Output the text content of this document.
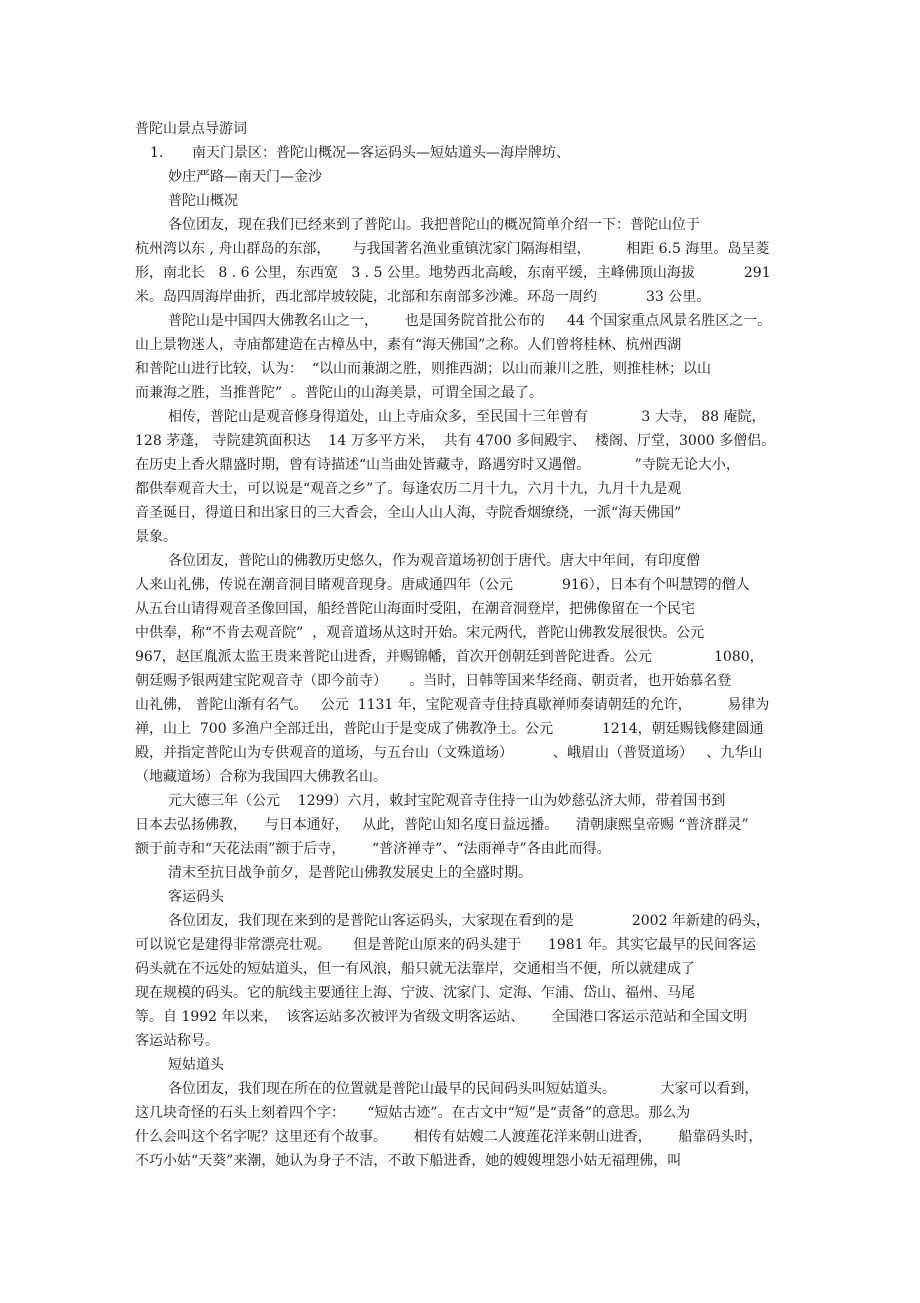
普陀山景点导游词
1. 南天门景区：普陀山概况—客运码头—短姑道头—海岸牌坊、
妙庄严路—南天门—金沙
普陀山概况
各位团友，现在我们已经来到了普陀山。我把普陀山的概况简单介绍一下：普陀山位于
杭州湾以东 , 舟山群岛的东部，     与我国著名渔业重镇沈家门隔海相望，        相距 6.5 海里。岛呈菱
形，南北长   8 . 6 公里，东西宽   3 . 5 公里。地势西北高峻，东南平缓，主峰佛顶山海拔           291
米。岛四周海岸曲折，西北部岸坡较陡，北部和东南部多沙滩。环岛一周约           33 公里。
普陀山是中国四大佛教名山之一，      也是国务院首批公布的     44 个国家重点风景名胜区之一。
山上景物迷人，寺庙都建造在古樟丛中，素有“海天佛国”之称。人们曾将桂林、杭州西湖
和普陀山进行比较，认为：  “以山而兼湖之胜，则推西湖；以山而兼川之胜，则推桂林；以山
而兼海之胜，当推普陀”  。普陀山的山海美景，可谓全国之最了。
相传，普陀山是观音修身得道处，山上寺庙众多，至民国十三年曾有            3 大寺， 88 庵院，
128 茅蓬， 寺院建筑面积达    14 万多平方米，  共有 4700 多间殿宇、  楼阁、厅堂，3000 多僧侣。
在历史上香火鼎盛时期，曾有诗描述“山当曲处皆藏寺，路遇穷时又遇僧。          ”寺院无论大小，
都供奉观音大士，可以说是“观音之乡”了。每逢农历二月十九，六月十九，九月十九是观
音圣诞日，得道日和出家日的三大香会，全山人山人海，寺院香烟缭绕，一派“海天佛国”
景象。
各位团友，普陀山的佛教历史悠久，作为观音道场初创于唐代。唐大中年间，有印度僧
人来山礼佛，传说在潮音洞目睹观音现身。唐咸通四年（公元           916），日本有个叫慧锷的僧人
从五台山请得观音圣像回国，船经普陀山海面时受阻，在潮音洞登岸，把佛像留在一个民宅
中供奉，称“不肯去观音院”  ，观音道场从这时开始。宋元两代，普陀山佛教发展很快。公元
967，赵匡胤派太监王贵来普陀山进香，并赐锦幡，首次开创朝廷到普陀进香。公元              1080，
朝廷赐予银两建宝陀观音寺（即今前寺）     。当时，日韩等国来华经商、朝贡者，也开始慕名登
山礼佛， 普陀山渐有名气。   公元  1131 年，宝陀观音寺住持真歇禅师奏请朝廷的允许，        易律为
禅，山上  700 多渔户全部迁出，普陀山于是变成了佛教净土。公元           1214，朝廷赐钱修建圆通
殿，并指定普陀山为专供观音的道场，与五台山（文殊道场）         、峨眉山（普贤道场）   、九华山
（地藏道场）合称为我国四大佛教名山。
元大德三年（公元    1299）六月，敕封宝陀观音寺住持一山为妙慈弘济大师，带着国书到
日本去弘扬佛教，    与日本通好，   从此，普陀山知名度日益远播。    清朝康熙皇帝赐 “普济群灵”
额于前寺和“天花法雨”额于后寺，      “普济禅寺”、“法雨禅寺”各由此而得。
清末至抗日战争前夕，是普陀山佛教发展史上的全盛时期。
客运码头
各位团友，我们现在来到的是普陀山客运码头，大家现在看到的是             2002 年新建的码头，
可以说它是建得非常漂亮壮观。     但是普陀山原来的码头建于      1981 年。其实它最早的民间客运
码头就在不远处的短姑道头，但一有风浪，船只就无法靠岸，交通相当不便，所以就建成了
现在规模的码头。它的航线主要通往上海、宁波、沈家门、定海、乍浦、岱山、福州、马尾
等。自 1992 年以来，  该客运站多次被评为省级文明客运站、      全国港口客运示范站和全国文明
客运站称号。
短姑道头
各位团友，我们现在所在的位置就是普陀山最早的民间码头叫短姑道头。          大家可以看到，
这几块奇怪的石头上刻着四个字：     “短姑古迹”。在古文中“短”是“责备”的意思。那么为
什么会叫这个名字呢？这里还有个故事。      相传有姑嫂二人渡莲花洋来朝山进香，      船靠码头时，
不巧小姑“天葵”来潮，她认为身子不洁，不敢下船进香，她的嫂嫂埋怨小姑无福理佛，叫
